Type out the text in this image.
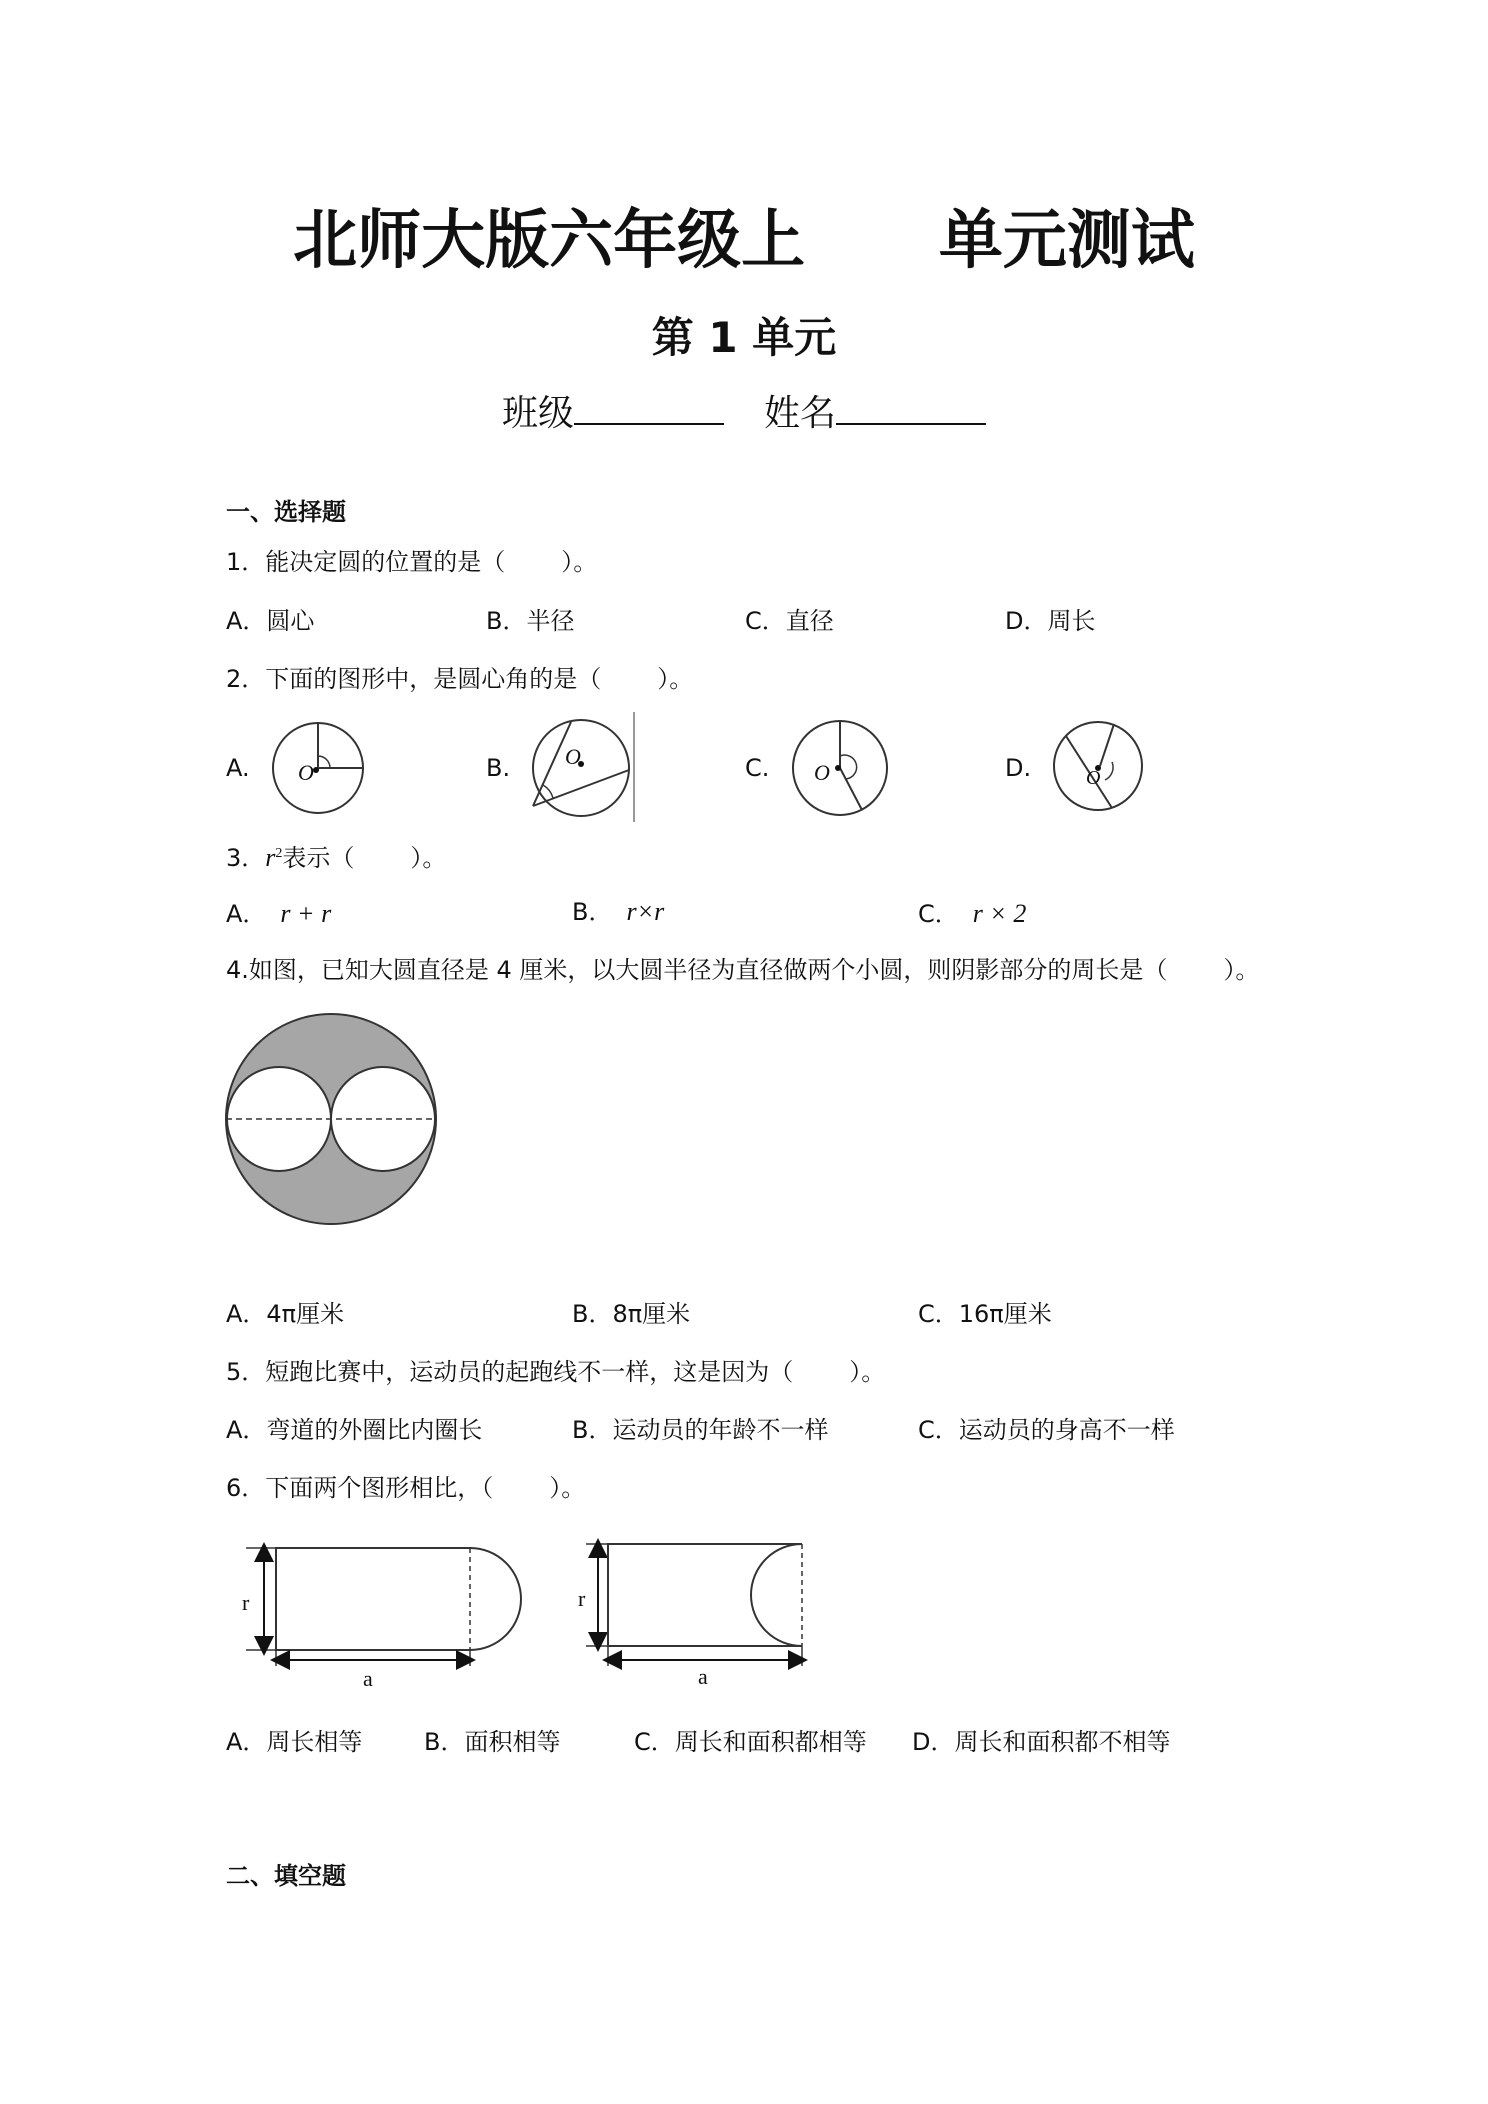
北师大版六年级上      单元测试
第 1 单元
班级	姓名
一、选择题
1．能决定圆的位置的是（ ）。
A．圆心	B．半径	C．直径	D．周长
2．下面的图形中，是圆心角的是（ ）。
A. O	B. O	C. O	D.	O
3．$r^2$表示（ ）。
A． r + r	B． r×r	C． r × 2
4.如图，已知大圆直径是 4 厘米，以大圆半径为直径做两个小圆，则阴影部分的周长是（ ）。
A．4π厘米	B．8π厘米	C．16π厘米
5．短跑比赛中，运动员的起跑线不一样，这是因为（ ）。
A．弯道的外圈比内圈长	B．运动员的年龄不一样	C．运动员的身高不一样
6．下面两个图形相比，（ ）。
r
a
r
a
A．周长相等	B．面积相等	C．周长和面积都相等 D．周长和面积都不相等
二、填空题
